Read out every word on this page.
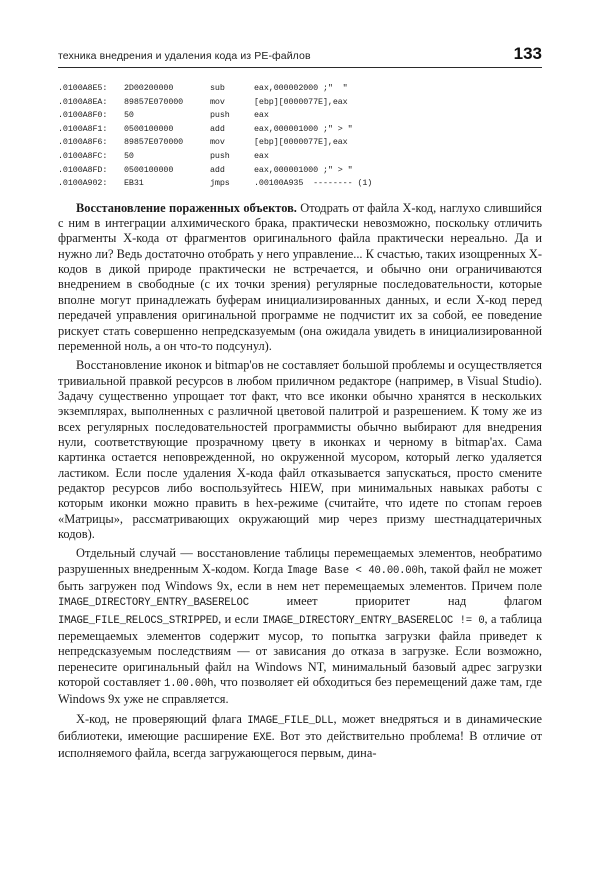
техника внедрения и удаления кода из PE-файлов	133
.0100A8E5: 2D00200000	sub	eax,000002000 ;"  "
.0100A8EA: 89857E070000	mov	[ebp][0000077E],eax
.0100A8F0: 50	push	eax
.0100A8F1: 0500100000	add	eax,000001000 ;" > "
.0100A8F6: 89857E070000	mov	[ebp][0000077E],eax
.0100A8FC: 50	push	eax
.0100A8FD: 0500100000	add	eax,000001000 ;" > "
.0100A902: EB31	jmps	.00100A935  -------- (1)

Восстановление пораженных объектов. Отодрать от файла X-код, наглухо слившийся с ним в интеграции алхимического брака, практически невозможно, поскольку отличить фрагменты X-кода от фрагментов оригинального файла практически нереально. Да и нужно ли? Ведь достаточно отобрать у него управление... К счастью, таких изощренных X-кодов в дикой природе практически не встречается, и обычно они ограничиваются внедрением в свободные (с их точки зрения) регулярные последовательности, которые вполне могут принадлежать буферам инициализированных данных, и если X-код перед передачей управления оригинальной программе не подчистит их за собой, ее поведение рискует стать совершенно непредсказуемым (она ожидала увидеть в инициализированной переменной ноль, а он что-то подсунул).

Восстановление иконок и bitmap'ов не составляет большой проблемы и осуществляется тривиальной правкой ресурсов в любом приличном редакторе (например, в Visual Studio). Задачу существенно упрощает тот факт, что все иконки обычно хранятся в нескольких экземплярах, выполненных с различной цветовой палитрой и разрешением. К тому же из всех регулярных последовательностей программисты обычно выбирают для внедрения нули, соответствующие прозрачному цвету в иконках и черному в bitmap'ах. Сама картинка остается неповрежденной, но окруженной мусором, который легко удаляется ластиком. Если после удаления X-кода файл отказывается запускаться, просто смените редактор ресурсов либо воспользуйтесь HIEW, при минимальных навыках работы с которым иконки можно править в hex-режиме (считайте, что идете по стопам героев «Матрицы», рассматривающих окружающий мир через призму шестнадцатеричных кодов).

Отдельный случай — восстановление таблицы перемещаемых элементов, необратимо разрушенных внедренным X-кодом. Когда Image Base < 40.00.00h, такой файл не может быть загружен под Windows 9x, если в нем нет перемещаемых элементов. Причем поле IMAGE_DIRECTORY_ENTRY_BASERELOC имеет приоритет над флагом IMAGE_FILE_RELOCS_STRIPPED, и если IMAGE_DIRECTORY_ENTRY_BASERELOC != 0, а таблица перемещаемых элементов содержит мусор, то попытка загрузки файла приведет к непредсказуемым последствиям — от зависания до отказа в загрузке. Если возможно, перенесите оригинальный файл на Windows NT, минимальный базовый адрес загрузки которой составляет 1.00.00h, что позволяет ей обходиться без перемещений даже там, где Windows 9x уже не справляется.

X-код, не проверяющий флага IMAGE_FILE_DLL, может внедряться и в динамические библиотеки, имеющие расширение EXE. Вот это действительно проблема! В отличие от исполняемого файла, всегда загружающегося первым, дина-
